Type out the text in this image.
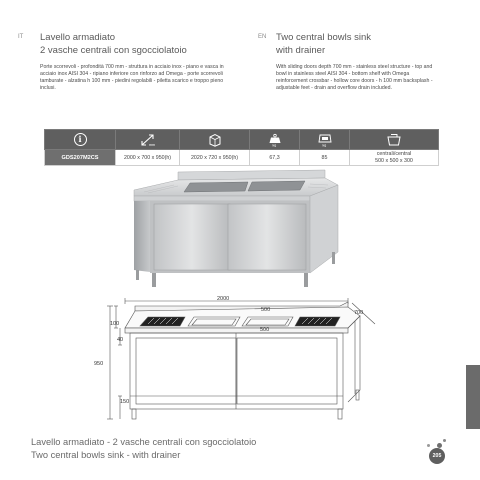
IT Lavello armadiato
2 vasche centrali con sgocciolatoio
Porte scorrevoli - profondità 700 mm - struttura in acciaio inox - piano e vasca in acciaio inox AISI 304 - ripiano inferiore con rinforzo ad Omega - porte scorrevoli tamburate - alzatina h 100 mm - piedini regolabili - piletta scarico e troppo pieno inclusi.
EN Two central bowls sink
with drainer
With sliding doors depth 700 mm - stainless steel structure - top and bowl in stainless steel AISI 304 - bottom shelf with Omega reinforcement crossbar - hollow core doors - h 100 mm backsplash - adjustable feet - drain and overflow drain included.
i	mm		kg	kg

GDS207M2CS	2000 x 700 x 950(h)	2020 x 720 x 950(h)	67,3	85	centrali/central
500 x 500 x 300
2000
500
500
700
100
40
950
150
Lavello armadiato - 2 vasche centrali con sgocciolatoio
Two central bowls sink - with drainer	205
